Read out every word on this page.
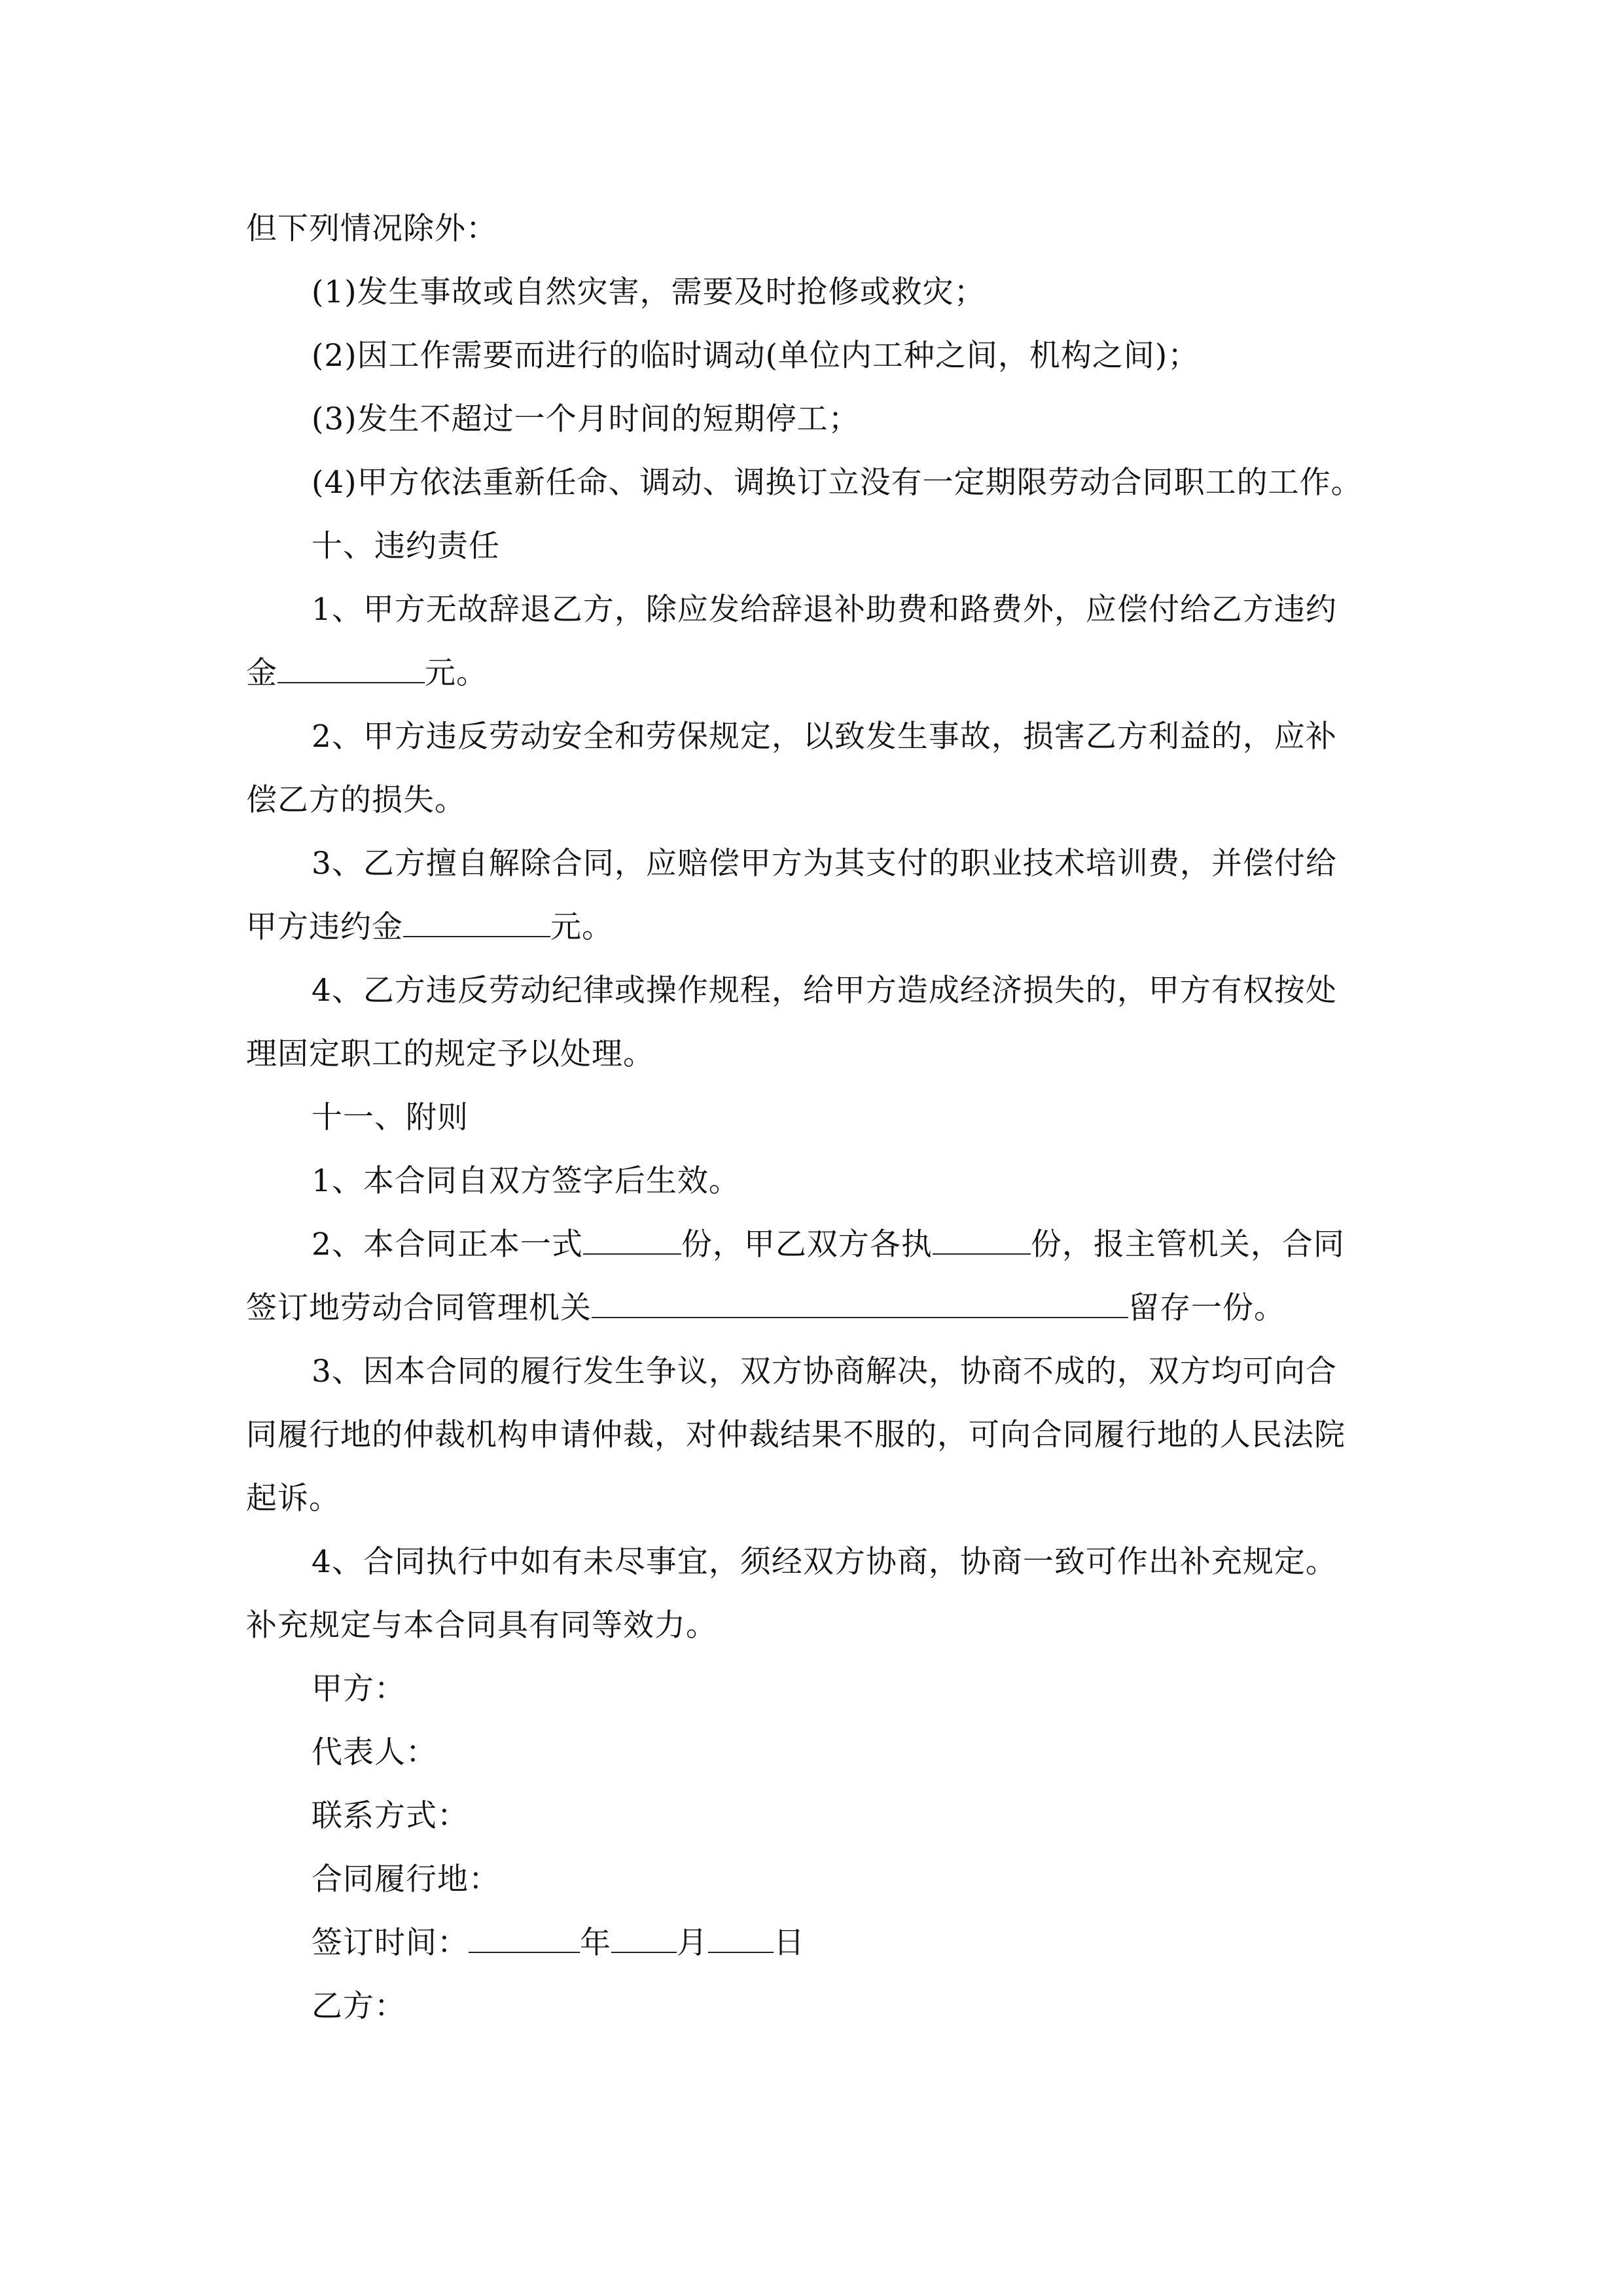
但下列情况除外：
(1)发生事故或自然灾害，需要及时抢修或救灾；
(2)因工作需要而进行的临时调动(单位内工种之间，机构之间)；
(3)发生不超过一个月时间的短期停工；
(4)甲方依法重新任命、调动、调换订立没有一定期限劳动合同职工的工作。
十、违约责任
1、甲方无故辞退乙方，除应发给辞退补助费和路费外，应偿付给乙方违约
金	元。
2、甲方违反劳动安全和劳保规定，以致发生事故，损害乙方利益的，应补
偿乙方的损失。
3、乙方擅自解除合同，应赔偿甲方为其支付的职业技术培训费，并偿付给
甲方违约金	元。
4、乙方违反劳动纪律或操作规程，给甲方造成经济损失的，甲方有权按处
理固定职工的规定予以处理。
十一、附则
1、本合同自双方签字后生效。
2、本合同正本一式	份，甲乙双方各执	份，报主管机关，合同
签订地劳动合同管理机关	留存一份。
3、因本合同的履行发生争议，双方协商解决，协商不成的，双方均可向合
同履行地的仲裁机构申请仲裁，对仲裁结果不服的，可向合同履行地的人民法院
起诉。
4、合同执行中如有未尽事宜，须经双方协商，协商一致可作出补充规定。
补充规定与本合同具有同等效力。
甲方：
代表人：
联系方式：
合同履行地：
签订时间：	年 月 日
乙方：
